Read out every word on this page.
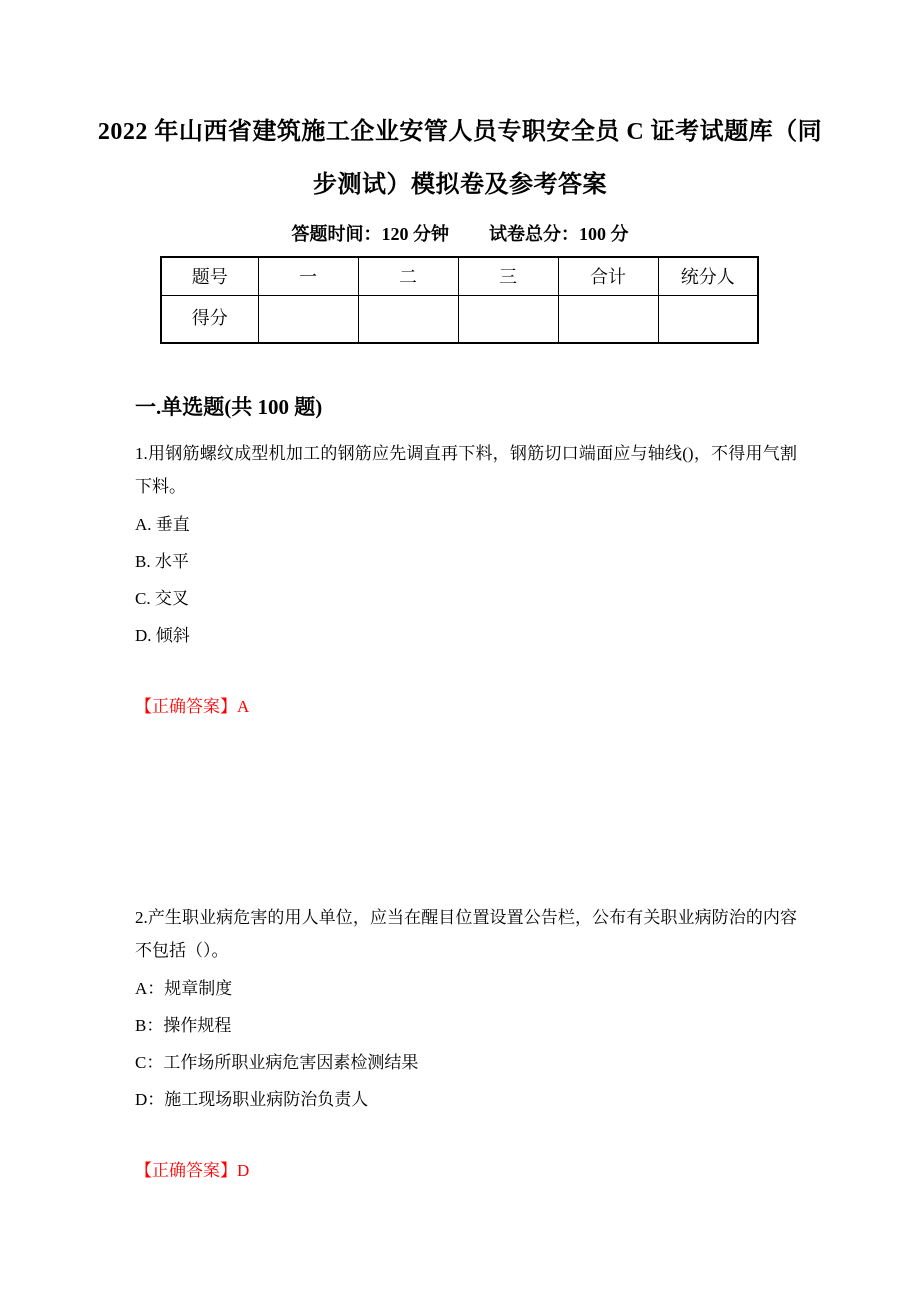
2022 年山西省建筑施工企业安管人员专职安全员 C 证考试题库（同
步测试）模拟卷及参考答案
答题时间：120 分钟 试卷总分：100 分
题号	一	二	三	合计	统分人
得分					
一.单选题(共 100 题)

1.用钢筋螺纹成型机加工的钢筋应先调直再下料，钢筋切口端面应与轴线()，不得用气割下料。

A. 垂直

B. 水平

C. 交叉

D. 倾斜

【正确答案】A

2.产生职业病危害的用人单位，应当在醒目位置设置公告栏，公布有关职业病防治的内容不包括（）。

A：规章制度

B：操作规程

C：工作场所职业病危害因素检测结果

D：施工现场职业病防治负责人

【正确答案】D
